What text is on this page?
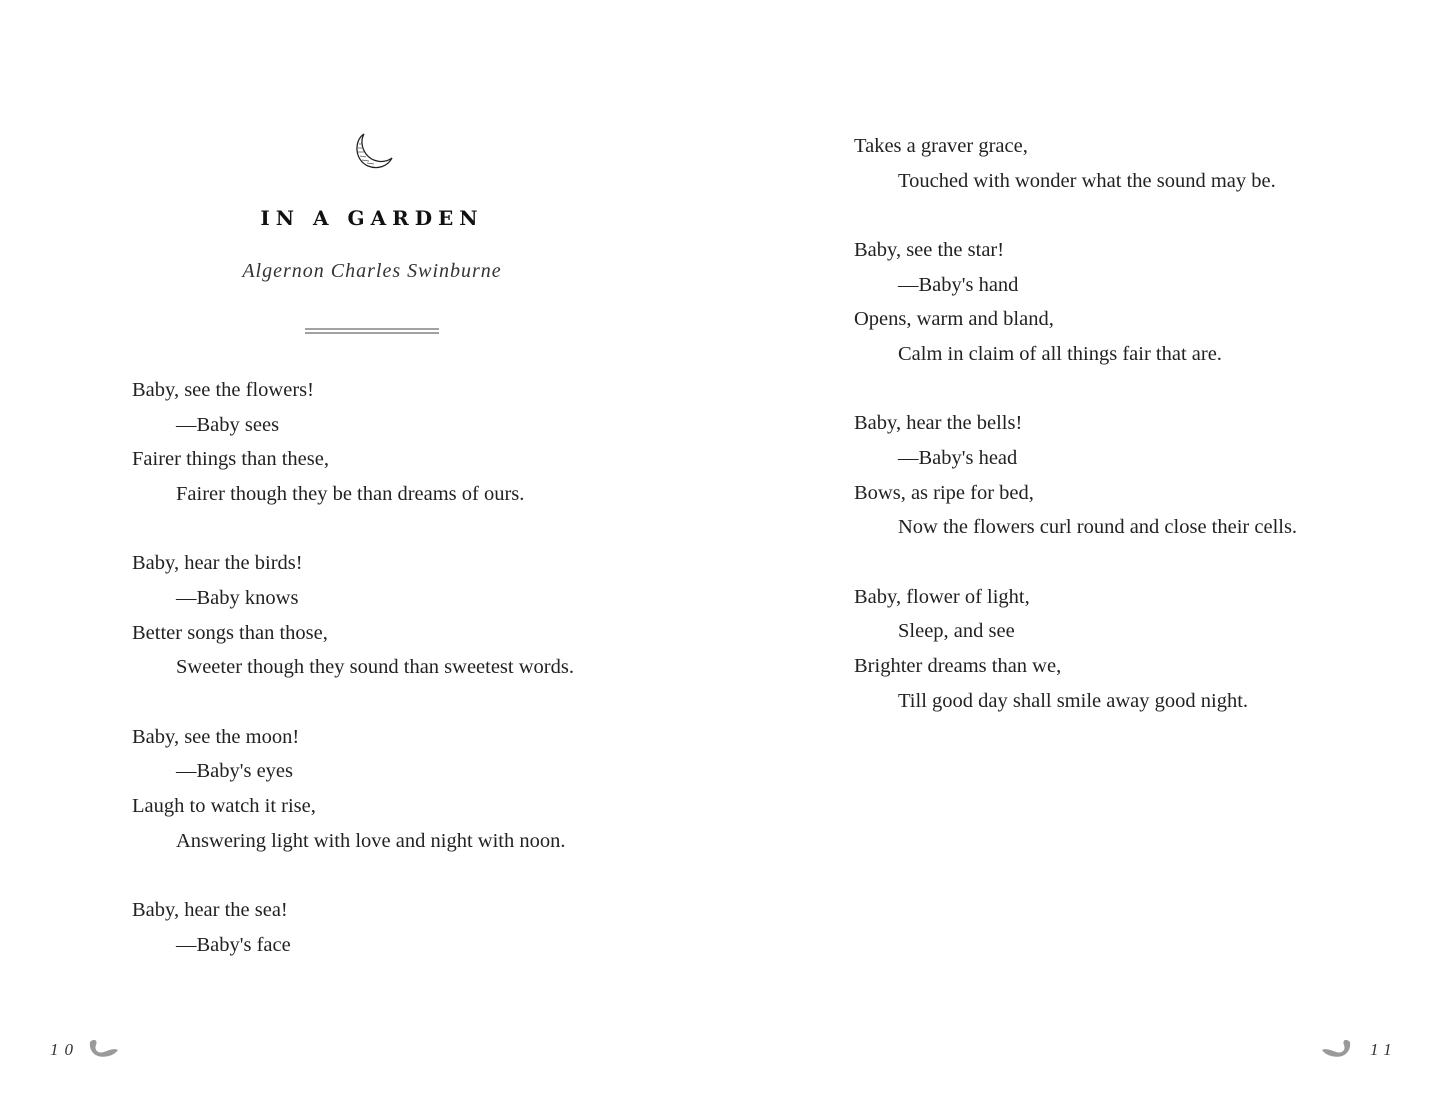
IN A GARDEN
Algernon Charles Swinburne
Baby, see the flowers!
—Baby sees
Fairer things than these,
Fairer though they be than dreams of ours.
Baby, hear the birds!
—Baby knows
Better songs than those,
Sweeter though they sound than sweetest words.
Baby, see the moon!
—Baby's eyes
Laugh to watch it rise,
Answering light with love and night with noon.
Baby, hear the sea!
—Baby's face
10
Takes a graver grace,
Touched with wonder what the sound may be.
Baby, see the star!
—Baby's hand
Opens, warm and bland,
Calm in claim of all things fair that are.
Baby, hear the bells!
—Baby's head
Bows, as ripe for bed,
Now the flowers curl round and close their cells.
Baby, flower of light,
Sleep, and see
Brighter dreams than we,
Till good day shall smile away good night.
11
